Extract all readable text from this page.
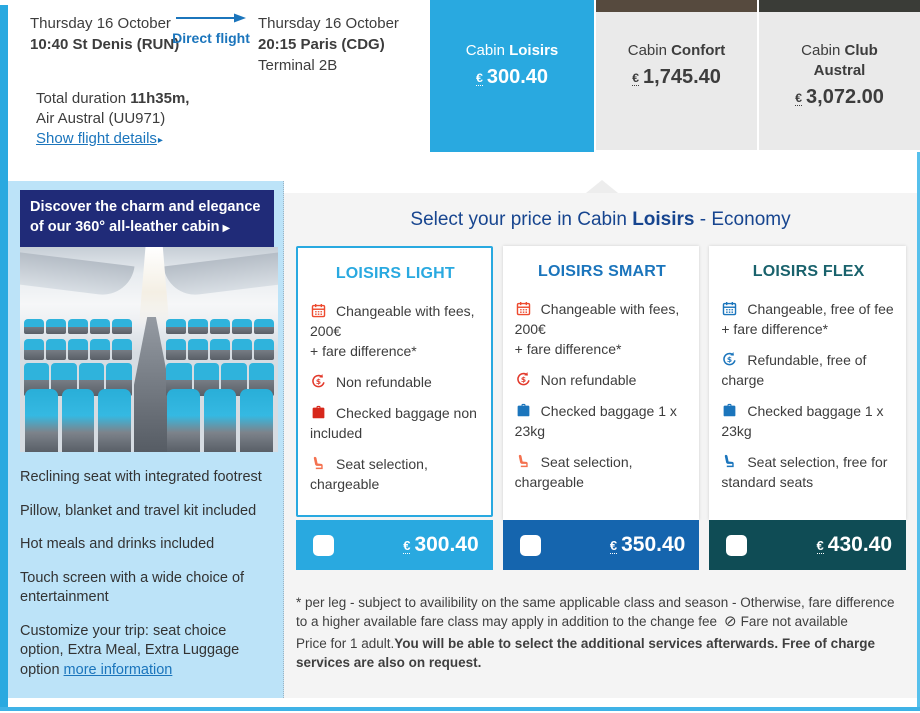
Thursday 16 October
10:40 St Denis (RUN)
Direct flight
Thursday 16 October
20:15 Paris (CDG)
Terminal 2B
Total duration 11h35m,
Air Austral (UU971)
Show flight details▸
Cabin Loisirs
€ 300.40
Cabin Confort
€ 1,745.40
Cabin Club Austral
€ 3,072.00
Discover the charm and elegance of our 360° all-leather cabin ▶

Reclining seat with integrated footrest

Pillow, blanket and travel kit included

Hot meals and drinks included

Touch screen with a wide choice of entertainment

Customize your trip: seat choice option, Extra Meal, Extra Luggage option more information

Select your price in Cabin Loisirs - Economy
LOISIRS LIGHT

Changeable with fees, 200€
+ fare difference*

Non refundable

Checked baggage non included

Seat selection, chargeable

€ 300.40
LOISIRS SMART

Changeable with fees, 200€
+ fare difference*

Non refundable

Checked baggage 1 x 23kg

Seat selection, chargeable

€ 350.40
LOISIRS FLEX

Changeable, free of fee
+ fare difference*

Refundable, free of charge

Checked baggage 1 x 23kg

Seat selection, free for standard seats

€ 430.40

* per leg - subject to availibility on the same applicable class and season - Otherwise, fare difference to a higher available fare class may apply in addition to the change fee ⊘ Fare not available

Price for 1 adult.You will be able to select the additional services afterwards. Free of charge services are also on request.
